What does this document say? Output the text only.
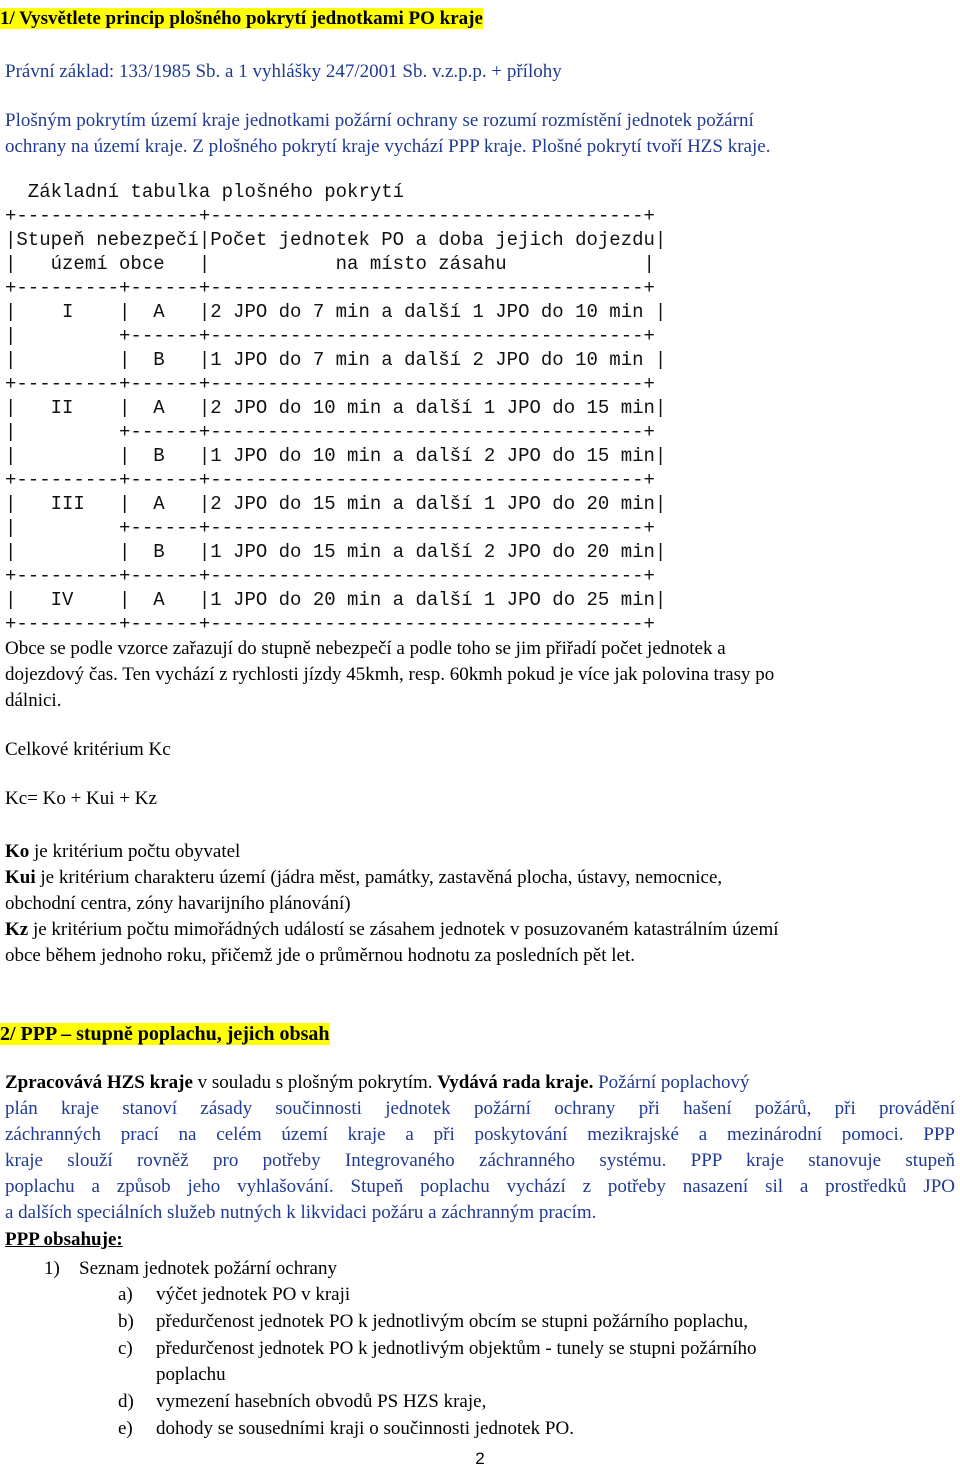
1/ Vysvětlete princip plošného pokrytí jednotkami PO kraje
Právní základ: 133/1985 Sb. a 1 vyhlášky 247/2001 Sb. v.z.p.p. + přílohy
Plošným pokrytím území kraje jednotkami požární ochrany se rozumí rozmístění jednotek požární
ochrany na území kraje. Z plošného pokrytí kraje vychází PPP kraje. Plošné pokrytí tvoří HZS kraje.
Základní tabulka plošného pokrytí
+----------------+--------------------------------------+
|Stupeň nebezpečí|Počet jednotek PO a doba jejich dojezdu|
|   území obce   |           na místo zásahu            |
+---------+------+--------------------------------------+
|    I    |  A   |2 JPO do 7 min a další 1 JPO do 10 min |
|         +------+--------------------------------------+
|         |  B   |1 JPO do 7 min a další 2 JPO do 10 min |
+---------+------+--------------------------------------+
|   II    |  A   |2 JPO do 10 min a další 1 JPO do 15 min|
|         +------+--------------------------------------+
|         |  B   |1 JPO do 10 min a další 2 JPO do 15 min|
+---------+------+--------------------------------------+
|   III   |  A   |2 JPO do 15 min a další 1 JPO do 20 min|
|         +------+--------------------------------------+
|         |  B   |1 JPO do 15 min a další 2 JPO do 20 min|
+---------+------+--------------------------------------+
|   IV    |  A   |1 JPO do 20 min a další 1 JPO do 25 min|
+---------+------+--------------------------------------+
Obce se podle vzorce zařazují do stupně nebezpečí a podle toho se jim přiřadí počet jednotek a
dojezdový čas. Ten vychází z rychlosti jízdy 45kmh, resp. 60kmh pokud je více jak polovina trasy po
dálnici.
Celkové kritérium Kc
Kc= Ko + Kui + Kz
Ko je kritérium počtu obyvatel
Kui je kritérium charakteru území (jádra měst, památky, zastavěná plocha, ústavy, nemocnice,
obchodní centra, zóny havarijního plánování)
Kz je kritérium počtu mimořádných událostí se zásahem jednotek v posuzovaném katastrálním území
obce během jednoho roku, přičemž jde o průměrnou hodnotu za posledních pět let.
2/ PPP – stupně poplachu, jejich obsah
Zpracovává HZS kraje v souladu s plošným pokrytím. Vydává rada kraje. Požární poplachový
plán kraje stanoví zásady součinnosti jednotek požární ochrany při hašení požárů, při provádění
záchranných prací na celém území kraje a při poskytování mezikrajské a mezinárodní pomoci. PPP
kraje slouží rovněž pro potřeby Integrovaného záchranného systému. PPP kraje stanovuje stupeň
poplachu a způsob jeho vyhlašování. Stupeň poplachu vychází z potřeby nasazení sil a prostředků JPO
a dalších speciálních služeb nutných k likvidaci požáru a záchranným pracím.
PPP obsahuje:
1) Seznam jednotek požární ochrany
a) výčet jednotek PO v kraji
b) předurčenost jednotek PO k jednotlivým obcím se stupni požárního poplachu,
c) předurčenost jednotek PO k jednotlivým objektům - tunely se stupni požárního
poplachu
d) vymezení hasebních obvodů PS HZS kraje,
e) dohody se sousedními kraji o součinnosti jednotek PO.
2
